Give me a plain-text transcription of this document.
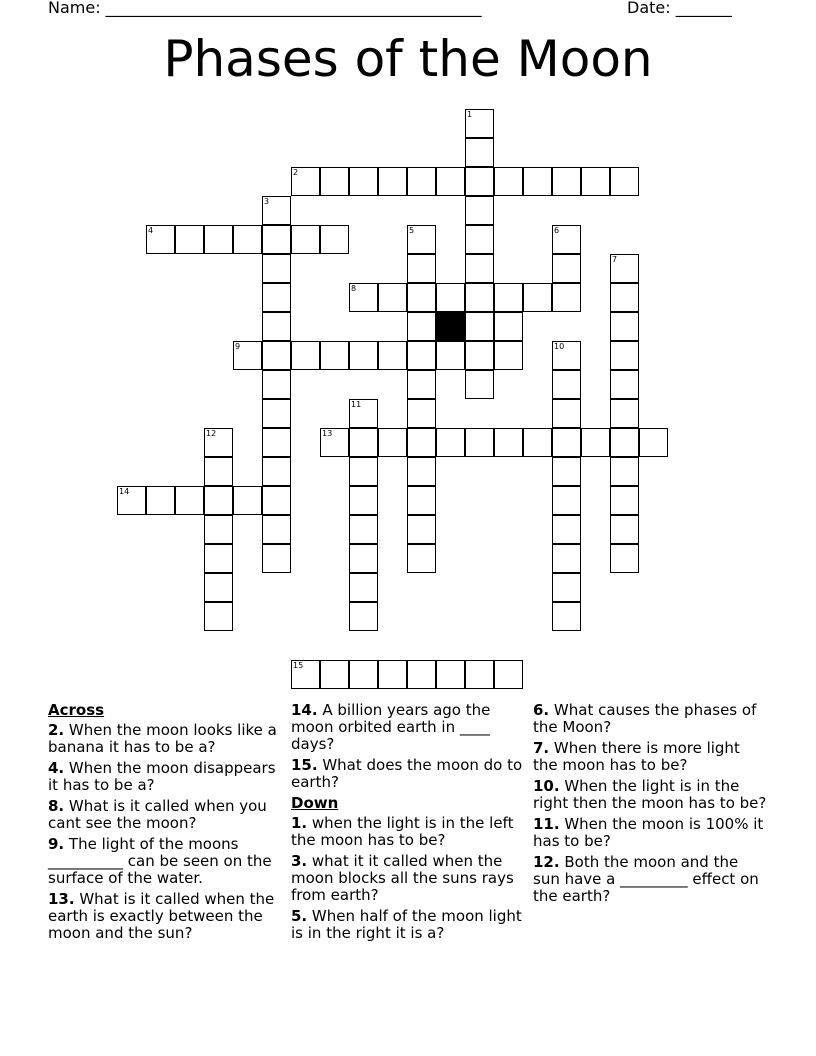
Name: _______________________________________________	Date: _______
Phases of the Moon
2
4
8
9
13
14
15
1
3
5	6
7
10
11
12
Across
2. When the moon looks like a banana it has to be a?
4. When the moon disappears it has to be a?
8. What is it called when you cant see the moon?
9. The light of the moons __________ can be seen on the surface of the water.
13. What is it called when the earth is exactly between the moon and the sun?
14. A billion years ago the moon orbited earth in ____ days?
15. What does the moon do to earth?
Down
1. when the light is in the left the moon has to be?
3. what it it called when the moon blocks all the suns rays from earth?
5. When half of the moon light is in the right it is a?
6. What causes the phases of the Moon?
7. When there is more light the moon has to be?
10. When the light is in the right then the moon has to be?
11. When the moon is 100% it has to be?
12. Both the moon and the sun have a _________ effect on the earth?
